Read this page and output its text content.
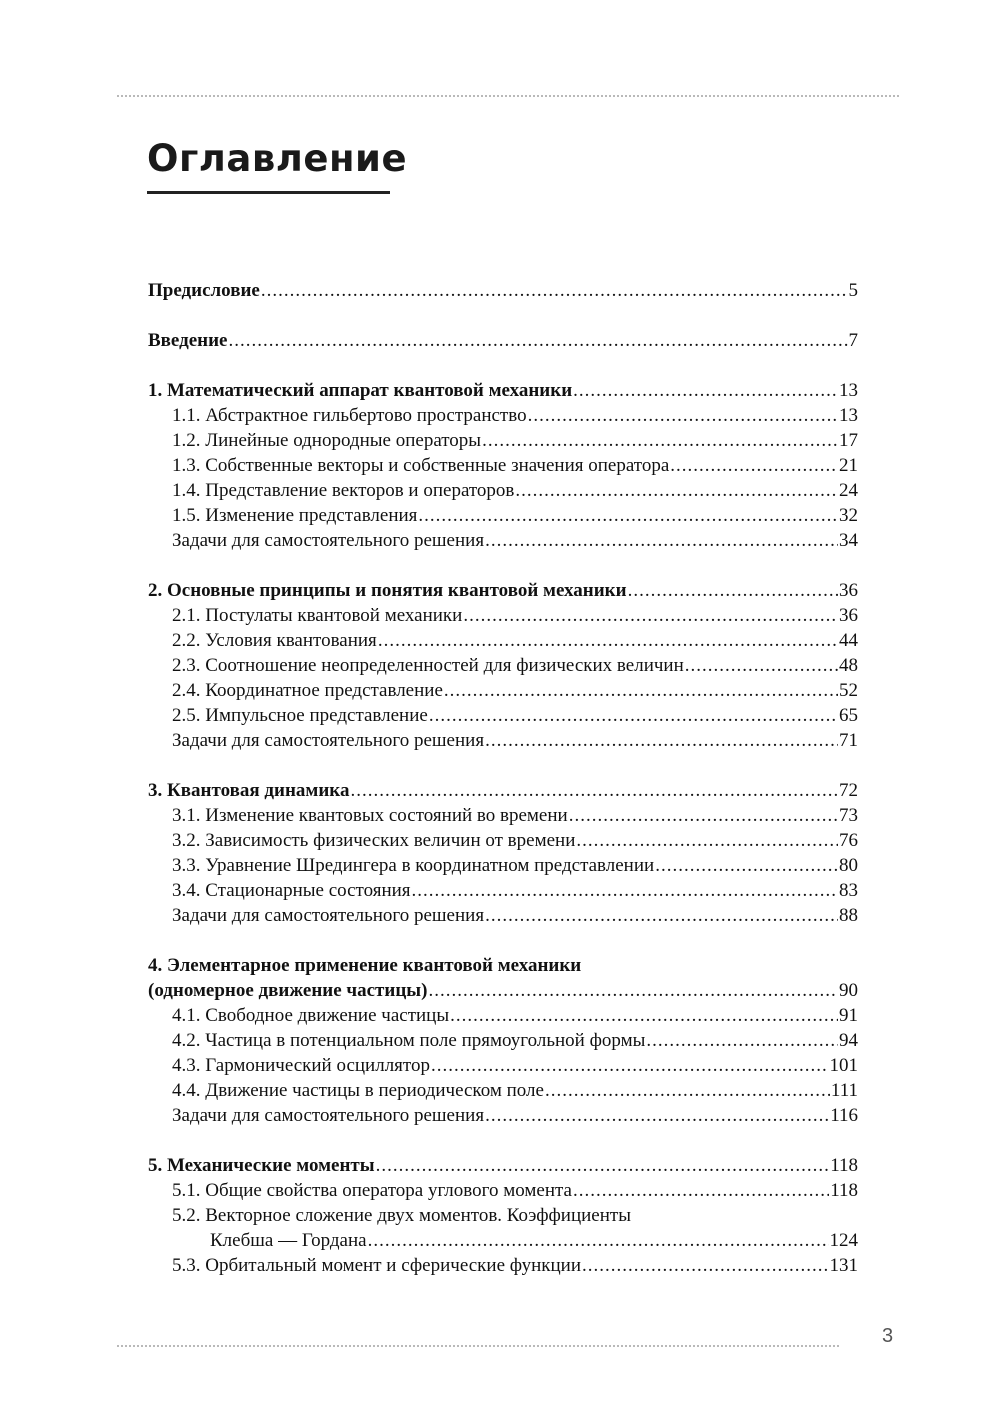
Оглавление
Предисловие .....	5
Введение .....	7
1. Математический аппарат квантовой механики .....	13
1.1. Абстрактное гильбертово пространство .....	13
1.2. Линейные однородные операторы .....	17
1.3. Собственные векторы и собственные значения оператора .....	21
1.4. Представление векторов и операторов .....	24
1.5. Изменение представления .....	32
Задачи для самостоятельного решения .....	34
2. Основные принципы и понятия квантовой механики .....	36
2.1. Постулаты квантовой механики .....	36
2.2. Условия квантования .....	44
2.3. Соотношение неопределенностей для физических величин .....	48
2.4. Координатное представление .....	52
2.5. Импульсное представление .....	65
Задачи для самостоятельного решения .....	71
3. Квантовая динамика .....	72
3.1. Изменение квантовых состояний во времени .....	73
3.2. Зависимость физических величин от времени .....	76
3.3. Уравнение Шредингера в координатном представлении .....	80
3.4. Стационарные состояния .....	83
Задачи для самостоятельного решения .....	88
4. Элементарное применение квантовой механики
(одномерное движение частицы) .....	90
4.1. Свободное движение частицы .....	91
4.2. Частица в потенциальном поле прямоугольной формы .....	94
4.3. Гармонический осциллятор .....	101
4.4. Движение частицы в периодическом поле .....	111
Задачи для самостоятельного решения .....	116
5. Механические моменты .....	118
5.1. Общие свойства оператора углового момента .....	118
5.2. Векторное сложение двух моментов. Коэффициенты
Клебша — Гордана .....	124
5.3. Орбитальный момент и сферические функции .....	131
3
